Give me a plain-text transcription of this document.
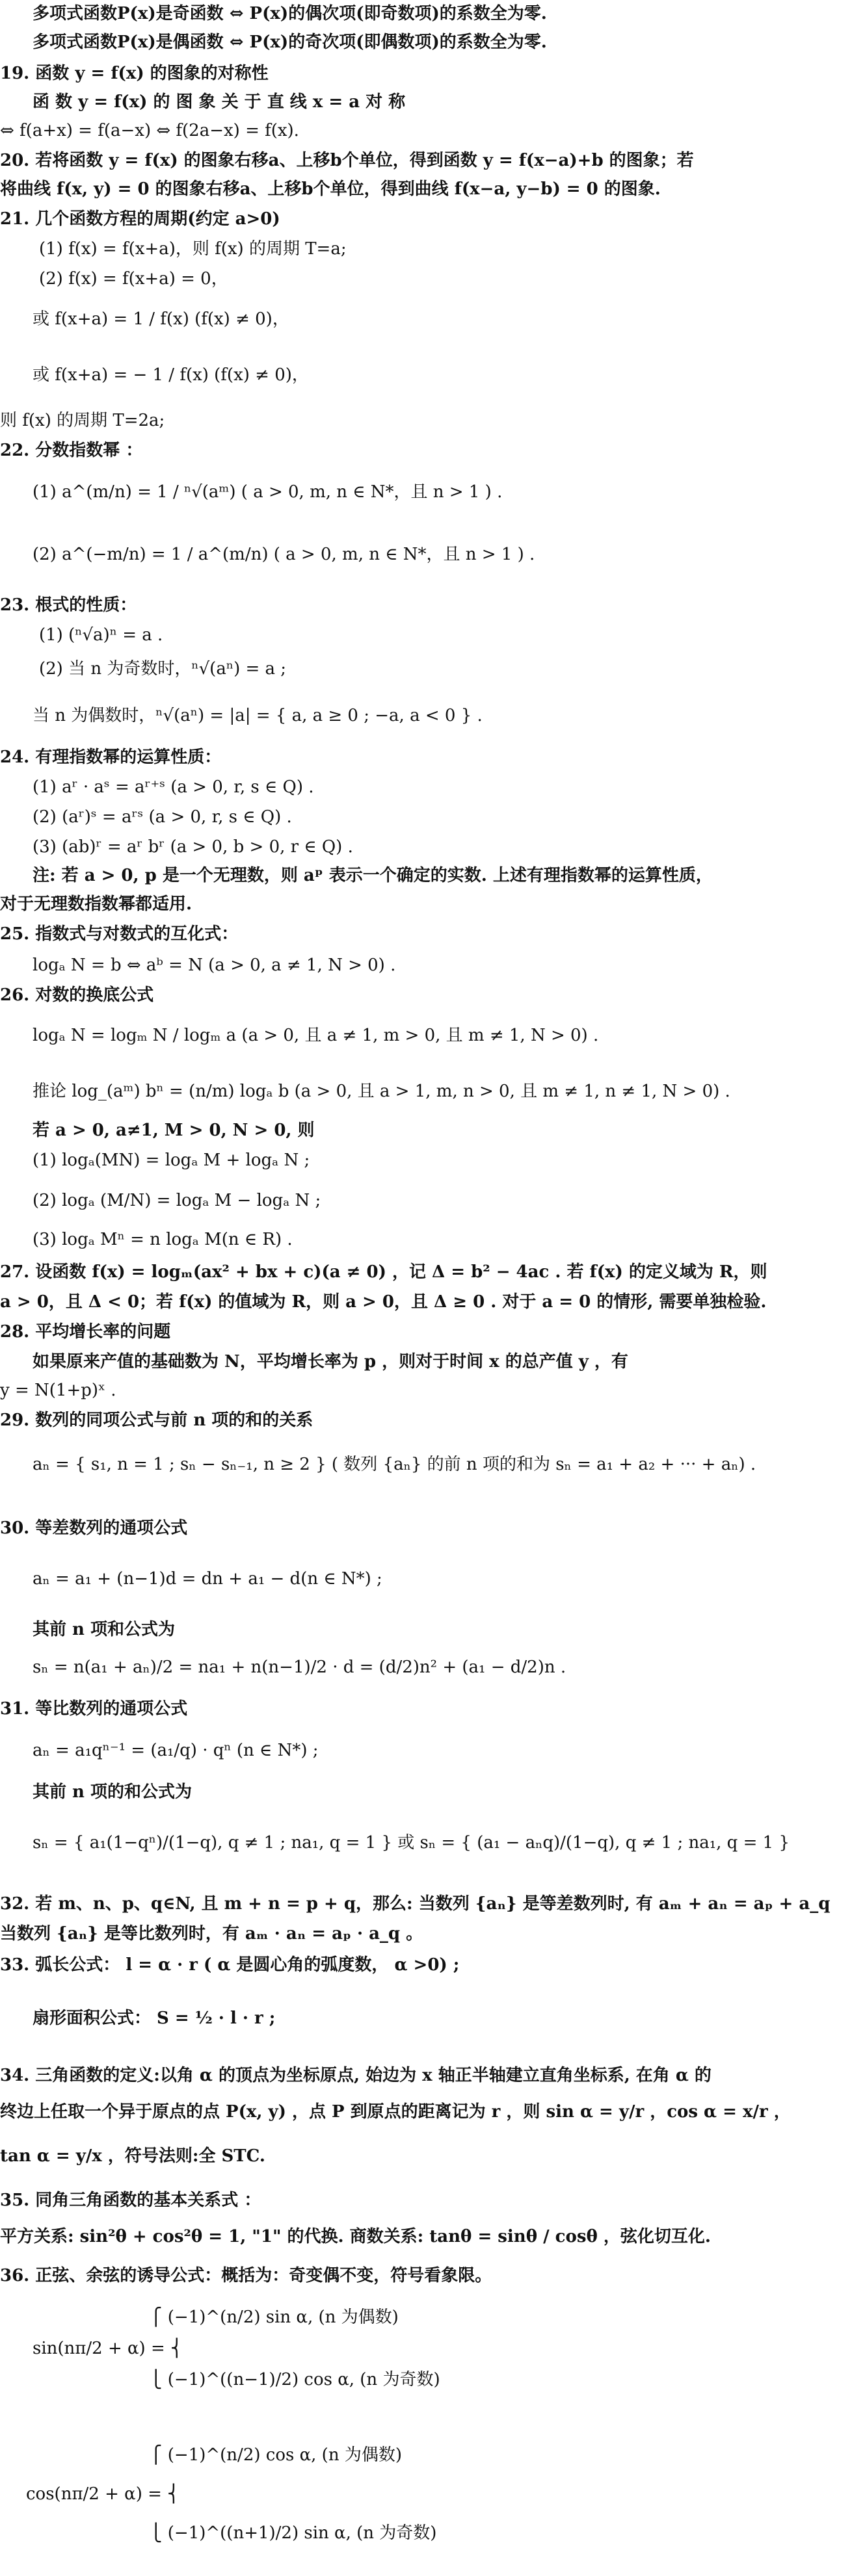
多项式函数P(x)是奇函数 ⇔ P(x)的偶次项(即奇数项)的系数全为零.
多项式函数P(x)是偶函数 ⇔ P(x)的奇次项(即偶数项)的系数全为零.
19. 函数 y = f(x) 的图象的对称性
函 数 y = f(x) 的 图 象 关 于 直 线 x = a 对 称
⇔ f(a+x) = f(a−x) ⇔ f(2a−x) = f(x).
20. 若将函数 y = f(x) 的图象右移a、上移b个单位，得到函数 y = f(x−a)+b 的图象；若
将曲线 f(x, y) = 0 的图象右移a、上移b个单位，得到曲线 f(x−a, y−b) = 0 的图象.
21. 几个函数方程的周期(约定 a>0)
(1) f(x) = f(x+a)，则 f(x) 的周期 T=a;
(2) f(x) = f(x+a) = 0，
或 f(x+a) = 1 / f(x) (f(x) ≠ 0)，
或 f(x+a) = − 1 / f(x) (f(x) ≠ 0)，
则 f(x) 的周期 T=2a;
22. 分数指数幂 ：
(1) a^(m/n) = 1 / ⁿ√(aᵐ) ( a > 0, m, n ∈ N*，且 n > 1 ) .
(2) a^(−m/n) = 1 / a^(m/n) ( a > 0, m, n ∈ N*，且 n > 1 ) .
23. 根式的性质：
(1) (ⁿ√a)ⁿ = a .
(2) 当 n 为奇数时，ⁿ√(aⁿ) = a ;
当 n 为偶数时，ⁿ√(aⁿ) = |a| = { a, a ≥ 0 ; −a, a < 0 } .
24. 有理指数幂的运算性质：
(1) aʳ · aˢ = aʳ⁺ˢ (a > 0, r, s ∈ Q) .
(2) (aʳ)ˢ = aʳˢ (a > 0, r, s ∈ Q) .
(3) (ab)ʳ = aʳ bʳ (a > 0, b > 0, r ∈ Q) .
注: 若 a > 0, p 是一个无理数，则 aᵖ 表示一个确定的实数. 上述有理指数幂的运算性质，
对于无理数指数幂都适用.
25. 指数式与对数式的互化式：
logₐ N = b ⇔ aᵇ = N (a > 0, a ≠ 1, N > 0) .
26. 对数的换底公式
logₐ N = logₘ N / logₘ a (a > 0, 且 a ≠ 1, m > 0, 且 m ≠ 1, N > 0) .
推论 log_(aᵐ) bⁿ = (n/m) logₐ b (a > 0, 且 a > 1, m, n > 0, 且 m ≠ 1, n ≠ 1, N > 0) .
若 a > 0, a≠1, M > 0, N > 0, 则
(1) logₐ(MN) = logₐ M + logₐ N ;
(2) logₐ (M/N) = logₐ M − logₐ N ;
(3) logₐ Mⁿ = n logₐ M(n ∈ R) .
27. 设函数 f(x) = logₘ(ax² + bx + c)(a ≠ 0) ，记 Δ = b² − 4ac . 若 f(x) 的定义域为 R，则
a > 0，且 Δ < 0；若 f(x) 的值域为 R，则 a > 0，且 Δ ≥ 0 . 对于 a = 0 的情形, 需要单独检验.
28. 平均增长率的问题
如果原来产值的基础数为 N，平均增长率为 p ，则对于时间 x 的总产值 y ，有
y = N(1+p)ˣ .
29. 数列的同项公式与前 n 项的和的关系
aₙ = { s₁, n = 1 ; sₙ − sₙ₋₁, n ≥ 2 } ( 数列 {aₙ} 的前 n 项的和为 sₙ = a₁ + a₂ + ··· + aₙ) .
30. 等差数列的通项公式
aₙ = a₁ + (n−1)d = dn + a₁ − d(n ∈ N*) ;
其前 n 项和公式为
sₙ = n(a₁ + aₙ)/2 = na₁ + n(n−1)/2 · d = (d/2)n² + (a₁ − d/2)n .
31. 等比数列的通项公式
aₙ = a₁qⁿ⁻¹ = (a₁/q) · qⁿ (n ∈ N*) ;
其前 n 项的和公式为
sₙ = { a₁(1−qⁿ)/(1−q), q ≠ 1 ; na₁, q = 1 } 或 sₙ = { (a₁ − aₙq)/(1−q), q ≠ 1 ; na₁, q = 1 }
32. 若 m、n、p、q∈N, 且 m + n = p + q，那么: 当数列 {aₙ} 是等差数列时, 有 aₘ + aₙ = aₚ + a_q
当数列 {aₙ} 是等比数列时，有 aₘ · aₙ = aₚ · a_q 。
33. 弧长公式： l = α · r ( α 是圆心角的弧度数， α >0) ;
扇形面积公式： S = ½ · l · r ;
34. 三角函数的定义:以角 α 的顶点为坐标原点, 始边为 x 轴正半轴建立直角坐标系, 在角 α 的
终边上任取一个异于原点的点 P(x, y) ，点 P 到原点的距离记为 r ，则 sin α = y/r ，cos α = x/r ，
tan α = y/x ，符号法则:全 STC.
35. 同角三角函数的基本关系式 ：
平方关系: sin²θ + cos²θ = 1, "1" 的代换. 商数关系: tanθ = sinθ / cosθ ，弦化切互化.
36. 正弦、余弦的诱导公式：概括为：奇变偶不变，符号看象限。
⎧ (−1)^(n/2) sin α, (n 为偶数)
sin(nπ/2 + α) = ⎨
⎩ (−1)^((n−1)/2) cos α, (n 为奇数)
⎧ (−1)^(n/2) cos α, (n 为偶数)
cos(nπ/2 + α) = ⎨
⎩ (−1)^((n+1)/2) sin α, (n 为奇数)
